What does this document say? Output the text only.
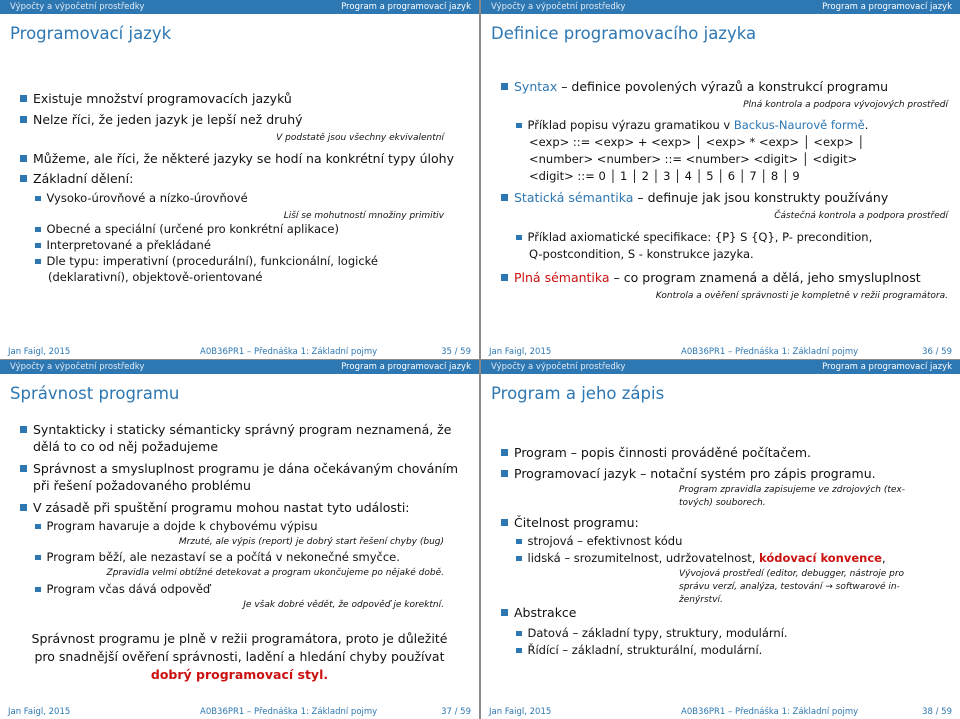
Výpočty a výpočetní prostředky	Program a programovací jazyk
Programovací jazyk
Existuje množství programovacích jazyků
Nelze říci, že jeden jazyk je lepší než druhý
V podstatě jsou všechny ekvivalentní
Můžeme, ale říci, že některé jazyky se hodí na konkrétní typy úlohy
Základní dělení:
Vysoko-úrovňové a nízko-úrovňové
Liší se mohutností množiny primitiv
Obecné a speciální (určené pro konkrétní aplikace)
Interpretované a překládané
Dle typu: imperativní (procedurální), funkcionální, logické
(deklarativní), objektově-orientované
Jan Faigl, 2015	A0B36PR1 – Přednáška 1: Základní pojmy	35 / 59
Výpočty a výpočetní prostředky	Program a programovací jazyk
Definice programovacího jazyka
Syntax – definice povolených výrazů a konstrukcí programu
Plná kontrola a podpora vývojových prostředí
Příklad popisu výrazu gramatikou v Backus-Naurově formě.
<exp> ::= <exp> + <exp> │ <exp> * <exp> │ <exp> │
<number> <number> ::= <number> <digit> │ <digit>
<digit> ::= 0 │ 1 │ 2 │ 3 │ 4 │ 5 │ 6 │ 7 │ 8 │ 9
Statická sémantika – definuje jak jsou konstrukty používány
Částečná kontrola a podpora prostředí
Příklad axiomatické specifikace: {P} S {Q}, P- precondition,
Q-postcondition, S - konstrukce jazyka.
Plná sémantika – co program znamená a dělá, jeho smysluplnost
Kontrola a ověření správnosti je kompletně v režii programátora.
Jan Faigl, 2015	A0B36PR1 – Přednáška 1: Základní pojmy	36 / 59
Výpočty a výpočetní prostředky	Program a programovací jazyk
Správnost programu
Syntakticky i staticky sémanticky správný program neznamená, že
dělá to co od něj požadujeme
Správnost a smysluplnost programu je dána očekávaným chováním
při řešení požadovaného problému
V zásadě při spuštění programu mohou nastat tyto události:
Program havaruje a dojde k chybovému výpisu
Mrzuté, ale výpis (report) je dobrý start řešení chyby (bug)
Program běží, ale nezastaví se a počítá v nekonečné smyčce.
Zpravidla velmi obtížné detekovat a program ukončujeme po nějaké době.
Program včas dává odpověď
Je však dobré vědět, že odpověď je korektní.
Správnost programu je plně v režii programátora, proto je důležité
pro snadnější ověření správnosti, ladění a hledání chyby používat
dobrý programovací styl.
Jan Faigl, 2015	A0B36PR1 – Přednáška 1: Základní pojmy	37 / 59
Výpočty a výpočetní prostředky	Program a programovací jazyk
Program a jeho zápis
Program – popis činnosti prováděné počítačem.
Programovací jazyk – notační systém pro zápis programu.
Program zpravidla zapisujeme ve zdrojových (tex-
tových) souborech.
Čitelnost programu:
strojová – efektivnost kódu
lidská – srozumitelnost, udržovatelnost, kódovací konvence,
Vývojová prostředí (editor, debugger, nástroje pro
správu verzí, analýza, testování → softwarové in-
ženýrství.
Abstrakce
Datová – základní typy, struktury, modulární.
Řídící – základní, strukturální, modulární.
Jan Faigl, 2015	A0B36PR1 – Přednáška 1: Základní pojmy	38 / 59
